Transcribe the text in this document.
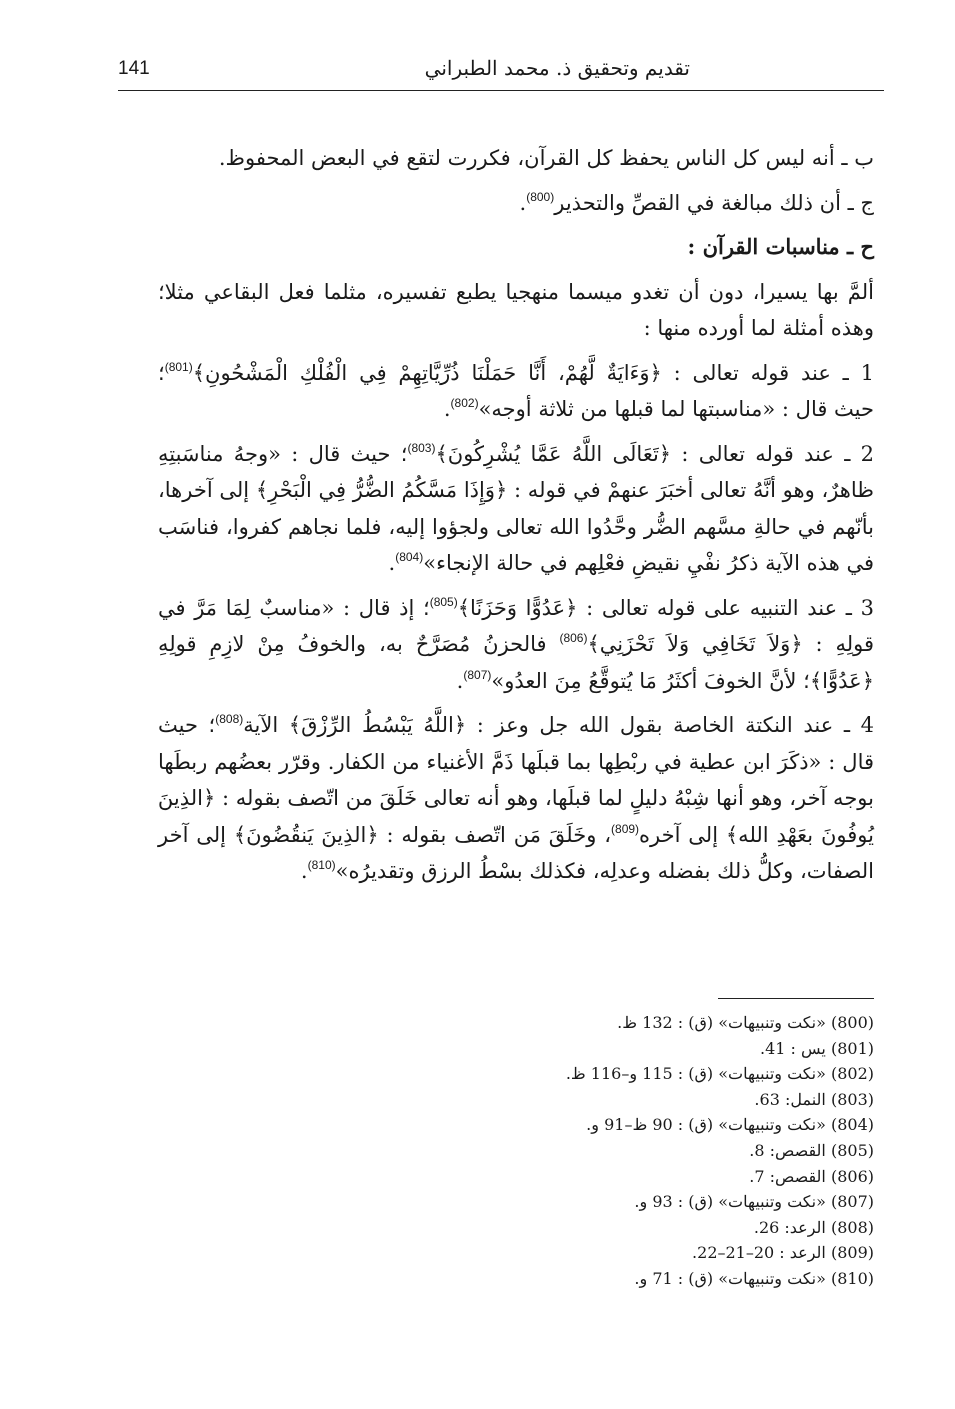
141	تقديم وتحقيق ذ. محمد الطبراني

ب ـ أنه ليس كل الناس يحفظ كل القرآن، فكررت لتقع في البعض المحفوظ.

ج ـ أن ذلك مبالغة في القصِّ والتحذير$^{(800)}$.

ح ـ مناسبات القرآن :

ألمَّ بها يسيرا، دون أن تغدو ميسما منهجيا يطبع تفسيره، مثلما فعل البقاعي مثلا؛
وهذه أمثلة لما أورده منها :

1 ـ عند قوله تعالى : ﴿وَءَايَةٌ لَّهُمْ، أَنَّا حَمَلْنَا ذُرِّيَّاتِهِمْ فِي الْفُلْكِ الْمَشْحُونِ﴾$^{(801)}$؛
حيث قال : «مناسبتها لما قبلها من ثلاثة أوجه»$^{(802)}$.

2 ـ عند قوله تعالى : ﴿تَعَالَى اللَّهُ عَمَّا يُشْرِكُونَ﴾$^{(803)}$؛ حيث قال : «وجهُ مناسَبتِهِ
ظاهرٌ، وهو أنَّهُ تعالى أخبَرَ عنهمْ في قوله : ﴿وَإِذَا مَسَّكُمُ الضُّرُّ فِي الْبَحْرِ﴾ إلى آخرها،
بأنّهم في حالةِ مسَّهم الضُّر وحَّدُوا الله تعالى ولجؤوا إليه، فلما نجاهم كفروا، فناسَب
في هذه الآية ذكرُ نفْيِ نقيضِ فعْلِهم في حالة الإنجاء»$^{(804)}$.

3 ـ عند التنبيه على قوله تعالى : ﴿عَدُوًّا وَحَزَنًا﴾$^{(805)}$؛ إذ قال : «مناسبٌ لِمَا مَرَّ في
قولِهِ : ﴿وَلاَ تَخَافِي وَلاَ تَحْزَنِي﴾$^{(806)}$ فالحزنُ مُصَرَّحٌ به، والخوفُ مِنْ لازِمِ قولِهِ
﴿عَدُوًّا﴾؛ لأنَّ الخوفَ أكثَرُ مَا يُتوقَّعُ مِنَ العدُو»$^{(807)}$.

4 ـ عند النكتة الخاصة بقول الله جل وعز : ﴿اللَّهُ يَبْسُطُ الرِّزْقَ﴾ الآية$^{(808)}$؛ حيث
قال : «ذكَرَ ابن عطية في ربْطِها بما قبلَها ذَمَّ الأغنياء من الكفار. وقرّر بعضُهم ربطَها
بوجه آخر، وهو أنها شِبْهُ دليلٍ لما قبلَها، وهو أنه تعالى خَلَقَ من اتّصف بقوله : ﴿الذِينَ
يُوفُونَ بعَهْدِ الله﴾ إلى آخره$^{(809)}$، وخَلَقَ مَن اتّصف بقوله : ﴿الذِينَ يَنقُضُونَ﴾ إلى آخر
الصفات، وكلُّ ذلك بفضله وعدلِه، فكذلك بسْطُ الرزق وتقديرُه»$^{(810)}$.

(800) «نكت وتنبيهات» (ق) : 132 ظ.
(801) يس : 41.
(802) «نكت وتنبيهات» (ق) : 115 و–116 ظ.
(803) النمل: 63.
(804) «نكت وتنبيهات» (ق) : 90 ظ–91 و.
(805) القصص: 8.
(806) القصص: 7.
(807) «نكت وتنبيهات» (ق) : 93 و.
(808) الرعد: 26.
(809) الرعد : 20–21–22.
(810) «نكت وتنبيهات» (ق) : 71 و.
